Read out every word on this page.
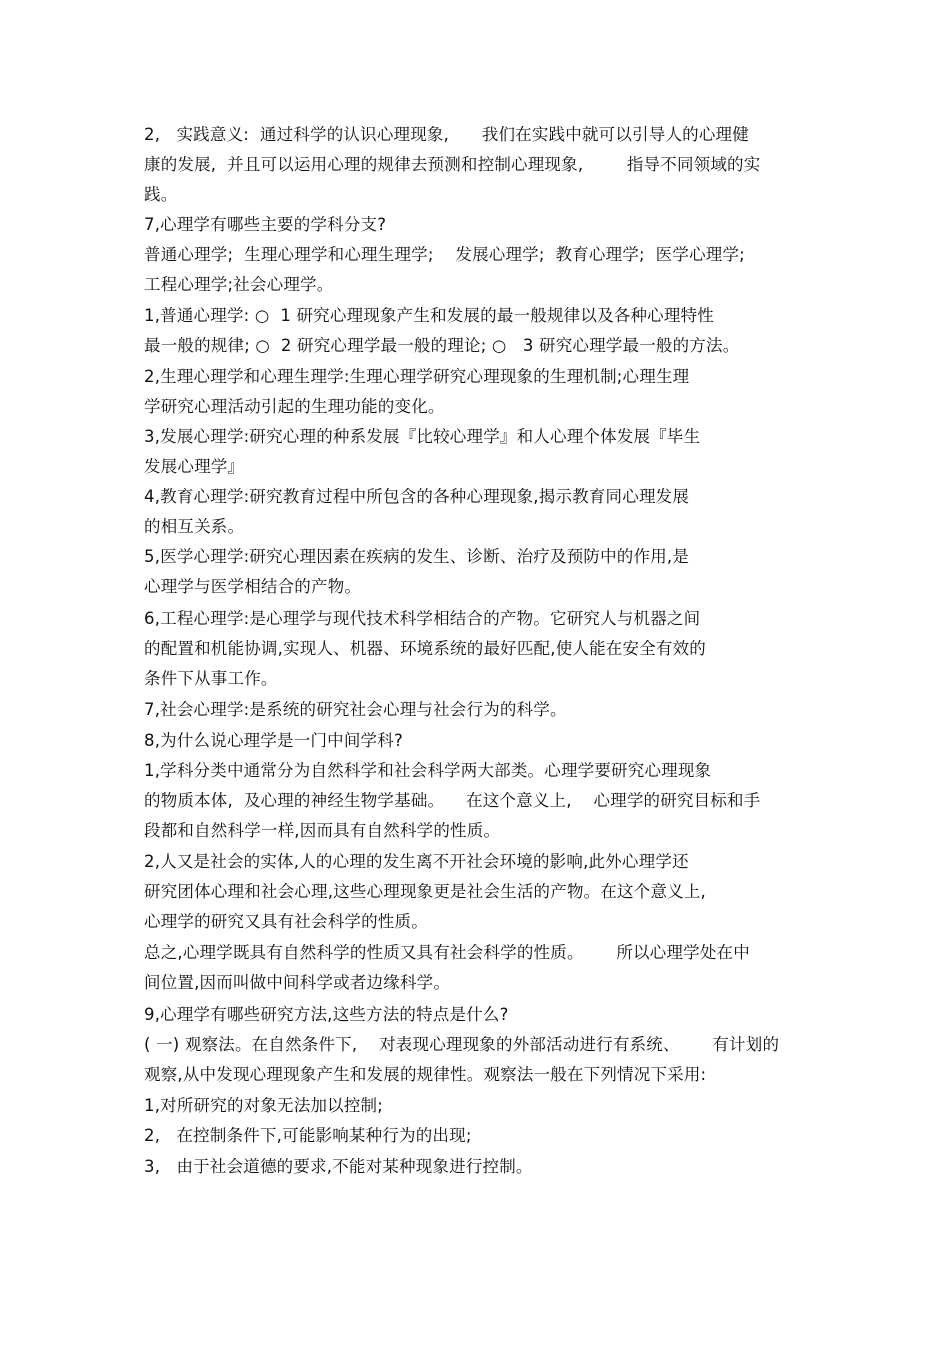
2,   实践意义:  通过科学的认识心理现象,      我们在实践中就可以引导人的心理健
康的发展,  并且可以运用心理的规律去预测和控制心理现象,        指导不同领域的实
践。
7,心理学有哪些主要的学科分支?
普通心理学;  生理心理学和心理生理学;    发展心理学;  教育心理学;  医学心理学;
工程心理学;社会心理学。
1,普通心理学: ○  1 研究心理现象产生和发展的最一般规律以及各种心理特性
最一般的规律; ○  2 研究心理学最一般的理论; ○   3 研究心理学最一般的方法。
2,生理心理学和心理生理学:生理心理学研究心理现象的生理机制;心理生理
学研究心理活动引起的生理功能的变化。
3,发展心理学:研究心理的种系发展『比较心理学』和人心理个体发展『毕生
发展心理学』
4,教育心理学:研究教育过程中所包含的各种心理现象,揭示教育同心理发展
的相互关系。
5,医学心理学:研究心理因素在疾病的发生、诊断、治疗及预防中的作用,是
心理学与医学相结合的产物。
6,工程心理学:是心理学与现代技术科学相结合的产物。它研究人与机器之间
的配置和机能协调,实现人、机器、环境系统的最好匹配,使人能在安全有效的
条件下从事工作。
7,社会心理学:是系统的研究社会心理与社会行为的科学。
8,为什么说心理学是一门中间学科?
1,学科分类中通常分为自然科学和社会科学两大部类。心理学要研究心理现象
的物质本体,  及心理的神经生物学基础。    在这个意义上,    心理学的研究目标和手
段都和自然科学一样,因而具有自然科学的性质。
2,人又是社会的实体,人的心理的发生离不开社会环境的影响,此外心理学还
研究团体心理和社会心理,这些心理现象更是社会生活的产物。在这个意义上,
心理学的研究又具有社会科学的性质。
总之,心理学既具有自然科学的性质又具有社会科学的性质。      所以心理学处在中
间位置,因而叫做中间科学或者边缘科学。
9,心理学有哪些研究方法,这些方法的特点是什么?
( 一) 观察法。在自然条件下,    对表现心理现象的外部活动进行有系统、      有计划的
观察,从中发现心理现象产生和发展的规律性。观察法一般在下列情况下采用:
1,对所研究的对象无法加以控制;
2,   在控制条件下,可能影响某种行为的出现;
3,   由于社会道德的要求,不能对某种现象进行控制。
